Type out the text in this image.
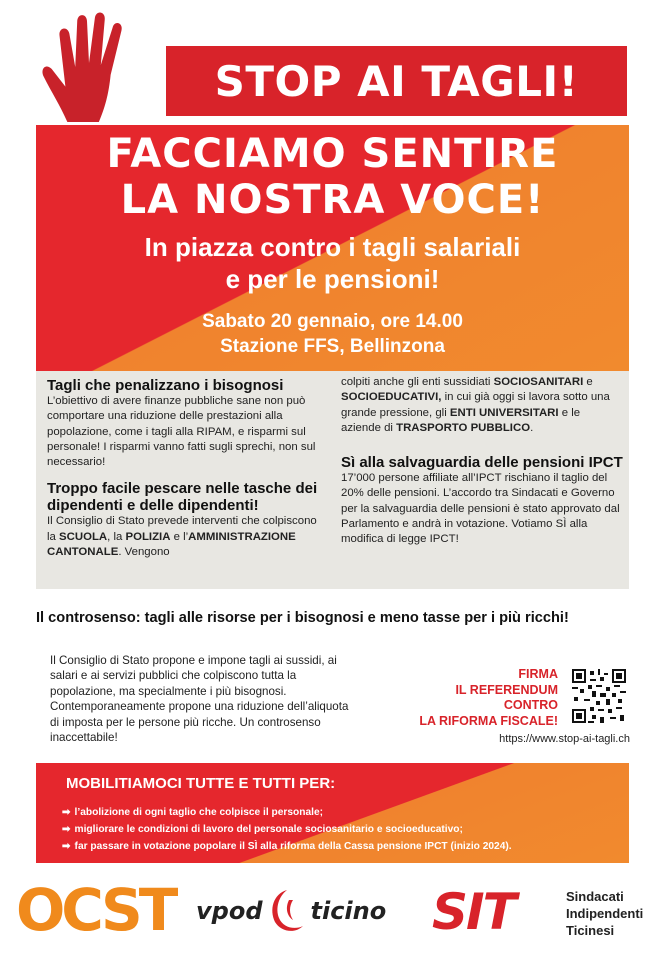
STOP AI TAGLI!
FACCIAMO SENTIRE
LA NOSTRA VOCE!
In piazza contro i tagli salariali
e per le pensioni!
Sabato 20 gennaio, ore 14.00
Stazione FFS, Bellinzona
Tagli che penalizzano i bisognosi

L’obiettivo di avere finanze pubbliche sane non può comportare una riduzione delle prestazioni alla popolazione, come i tagli alla RIPAM, e risparmi sul personale! I risparmi vanno fatti sugli sprechi, non sul necessario!

Troppo facile pescare nelle tasche dei dipendenti e delle dipendenti!

Il Consiglio di Stato prevede interventi che colpiscono la SCUOLA, la POLIZIA e l’AMMINISTRAZIONE CANTONALE. Vengono

colpiti anche gli enti sussidiati SOCIOSANITARI e SOCIOEDUCATIVI, in cui già oggi si lavora sotto una grande pressione, gli ENTI UNIVERSITARI e le aziende di TRASPORTO PUBBLICO.

Sì alla salvaguardia delle pensioni IPCT

17’000 persone affiliate all’IPCT rischiano il taglio del 20% delle pensioni. L’accordo tra Sindacati e Governo per la salvaguardia delle pensioni è stato approvato dal Parlamento e andrà in votazione. Votiamo SÌ alla modifica di legge IPCT!

Il controsenso: tagli alle risorse per i bisognosi e meno tasse per i più ricchi!
Il Consiglio di Stato propone e impone tagli ai sussidi, ai salari e ai servizi pubblici che colpiscono tutta la popolazione, ma specialmente i più bisognosi. Contemporaneamente propone una riduzione dell’aliquota di imposta per le persone più ricche. Un controsenso inaccettabile!
FIRMA
IL REFERENDUM
CONTRO
LA RIFORMA FISCALE!
https://www.stop-ai-tagli.ch
MOBILITIAMOCI TUTTE E TUTTI PER:
➡ l’abolizione di ogni taglio che colpisce il personale;
➡ migliorare le condizioni di lavoro del personale sociosanitario e socioeducativo;
➡ far passare in votazione popolare il SÌ alla riforma della Cassa pensione IPCT (inizio 2024).
OCST vpod ticino SIT	Sindacati
Indipendenti
Ticinesi
